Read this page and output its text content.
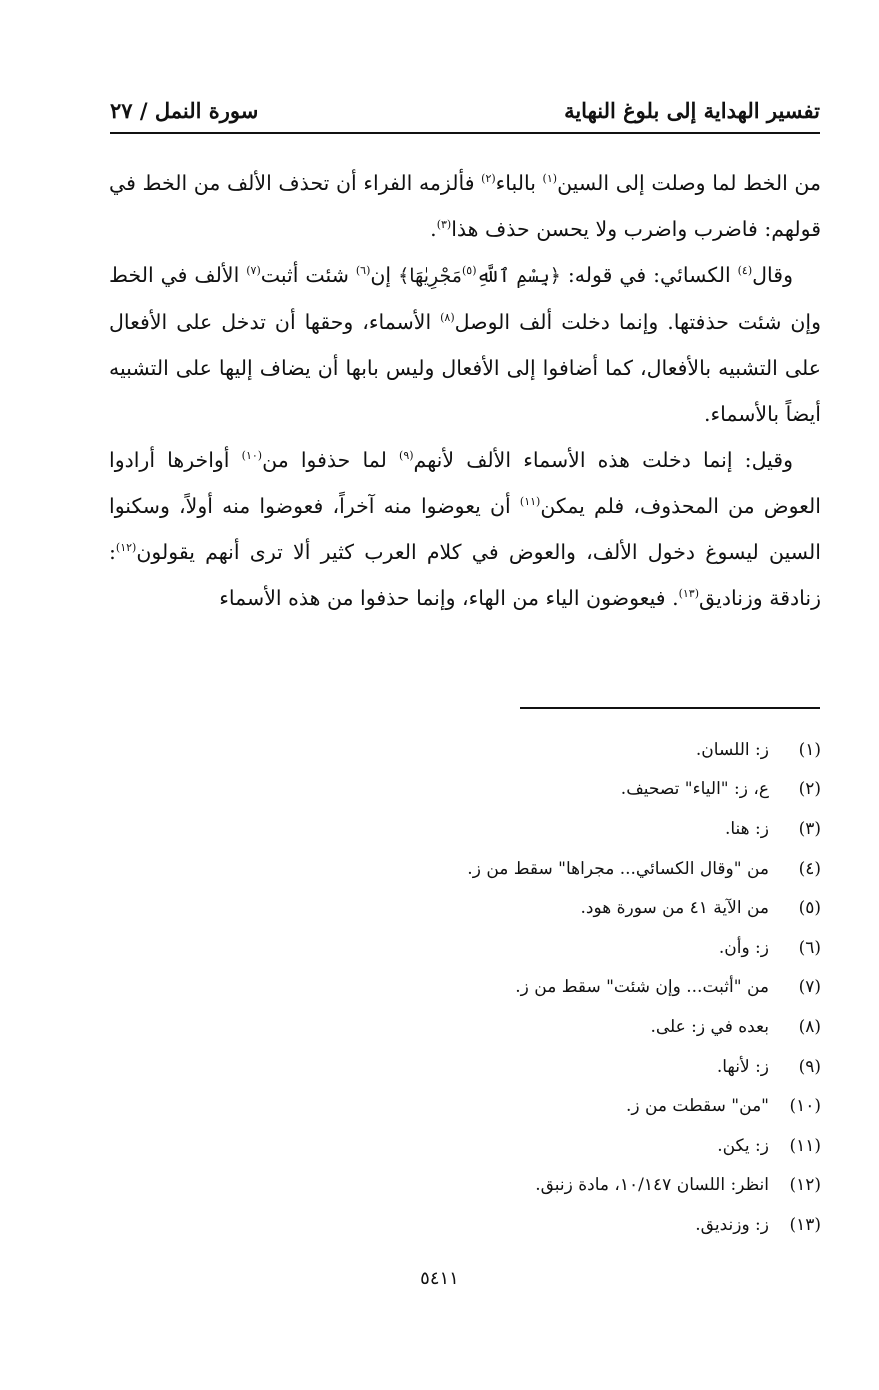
تفسير الهداية إلى بلوغ النهاية
سورة النمل / ٢٧

من الخط لما وصلت إلى السين$^{(١)}$ بالباء$^{(٢)}$ فألزمه الفراء أن تحذف الألف من الخط في قولهم: فاضرب واضرب ولا يحسن حذف هذا$^{(٣)}$.

وقال$^{(٤)}$ الكسائي: في قوله: ﴿بِسْمِ ٱللَّهِ$^{(٥)}$مَجْرِيٰهَا﴾ إن$^{(٦)}$ شئت أثبت$^{(٧)}$ الألف في الخط وإن شئت حذفتها. وإنما دخلت ألف الوصل$^{(٨)}$ الأسماء، وحقها أن تدخل على الأفعال على التشبيه بالأفعال، كما أضافوا إلى الأفعال وليس بابها أن يضاف إليها على التشبيه أيضاً بالأسماء.

وقيل: إنما دخلت هذه الأسماء الألف لأنهم$^{(٩)}$ لما حذفوا من$^{(١٠)}$ أواخرها أرادوا العوض من المحذوف، فلم يمكن$^{(١١)}$ أن يعوضوا منه آخراً، فعوضوا منه أولاً، وسكنوا السين ليسوغ دخول الألف، والعوض في كلام العرب كثير ألا ترى أنهم يقولون$^{(١٢)}$: زنادقة وزناديق$^{(١٣)}$. فيعوضون الياء من الهاء، وإنما حذفوا من هذه الأسماء

(١)
ز: اللسان.
(٢)
ع، ز: "الياء" تصحيف.
(٣)
ز: هنا.
(٤)
من "وقال الكسائي... مجراها" سقط من ز.
(٥)
من الآية ٤١ من سورة هود.
(٦)
ز: وأن.
(٧)
من "أثبت... وإن شئت" سقط من ز.
(٨)
بعده في ز: على.
(٩)
ز: لأنها.
(١٠)
"من" سقطت من ز.
(١١)
ز: يكن.
(١٢)
انظر: اللسان ١٠/١٤٧، مادة زنبق.
(١٣)
ز: وزنديق.
٥٤١١
